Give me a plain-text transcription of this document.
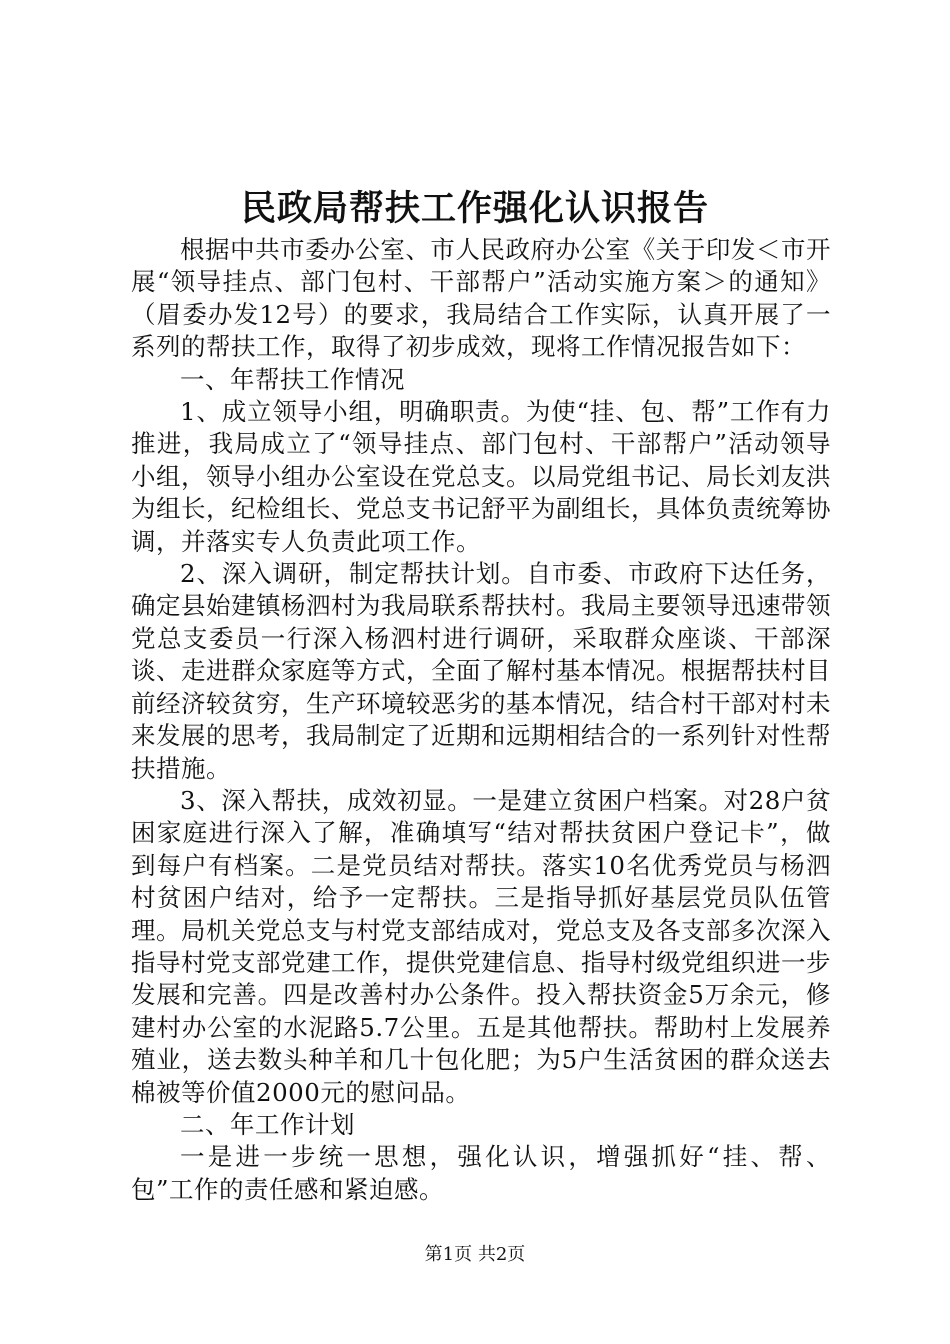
民政局帮扶工作强化认识报告

根据中共市委办公室、市人民政府办公室《关于印发＜市开展“领导挂点、部门包村、干部帮户”活动实施方案＞的通知》（眉委办发12号）的要求，我局结合工作实际，认真开展了一系列的帮扶工作，取得了初步成效，现将工作情况报告如下：

一、年帮扶工作情况

1、成立领导小组，明确职责。为使“挂、包、帮”工作有力推进，我局成立了“领导挂点、部门包村、干部帮户”活动领导小组，领导小组办公室设在党总支。以局党组书记、局长刘友洪为组长，纪检组长、党总支书记舒平为副组长，具体负责统筹协调，并落实专人负责此项工作。

2、深入调研，制定帮扶计划。自市委、市政府下达任务，确定县始建镇杨泗村为我局联系帮扶村。我局主要领导迅速带领党总支委员一行深入杨泗村进行调研，采取群众座谈、干部深谈、走进群众家庭等方式，全面了解村基本情况。根据帮扶村目前经济较贫穷，生产环境较恶劣的基本情况，结合村干部对村未来发展的思考，我局制定了近期和远期相结合的一系列针对性帮扶措施。

3、深入帮扶，成效初显。一是建立贫困户档案。对28户贫困家庭进行深入了解，准确填写“结对帮扶贫困户登记卡”，做到每户有档案。二是党员结对帮扶。落实10名优秀党员与杨泗村贫困户结对，给予一定帮扶。三是指导抓好基层党员队伍管理。局机关党总支与村党支部结成对，党总支及各支部多次深入指导村党支部党建工作，提供党建信息、指导村级党组织进一步发展和完善。四是改善村办公条件。投入帮扶资金5万余元，修建村办公室的水泥路5.7公里。五是其他帮扶。帮助村上发展养殖业，送去数头种羊和几十包化肥；为5户生活贫困的群众送去棉被等价值2000元的慰问品。

二、年工作计划

一是进一步统一思想，强化认识，增强抓好“挂、帮、包”工作的责任感和紧迫感。

第1页 共2页
